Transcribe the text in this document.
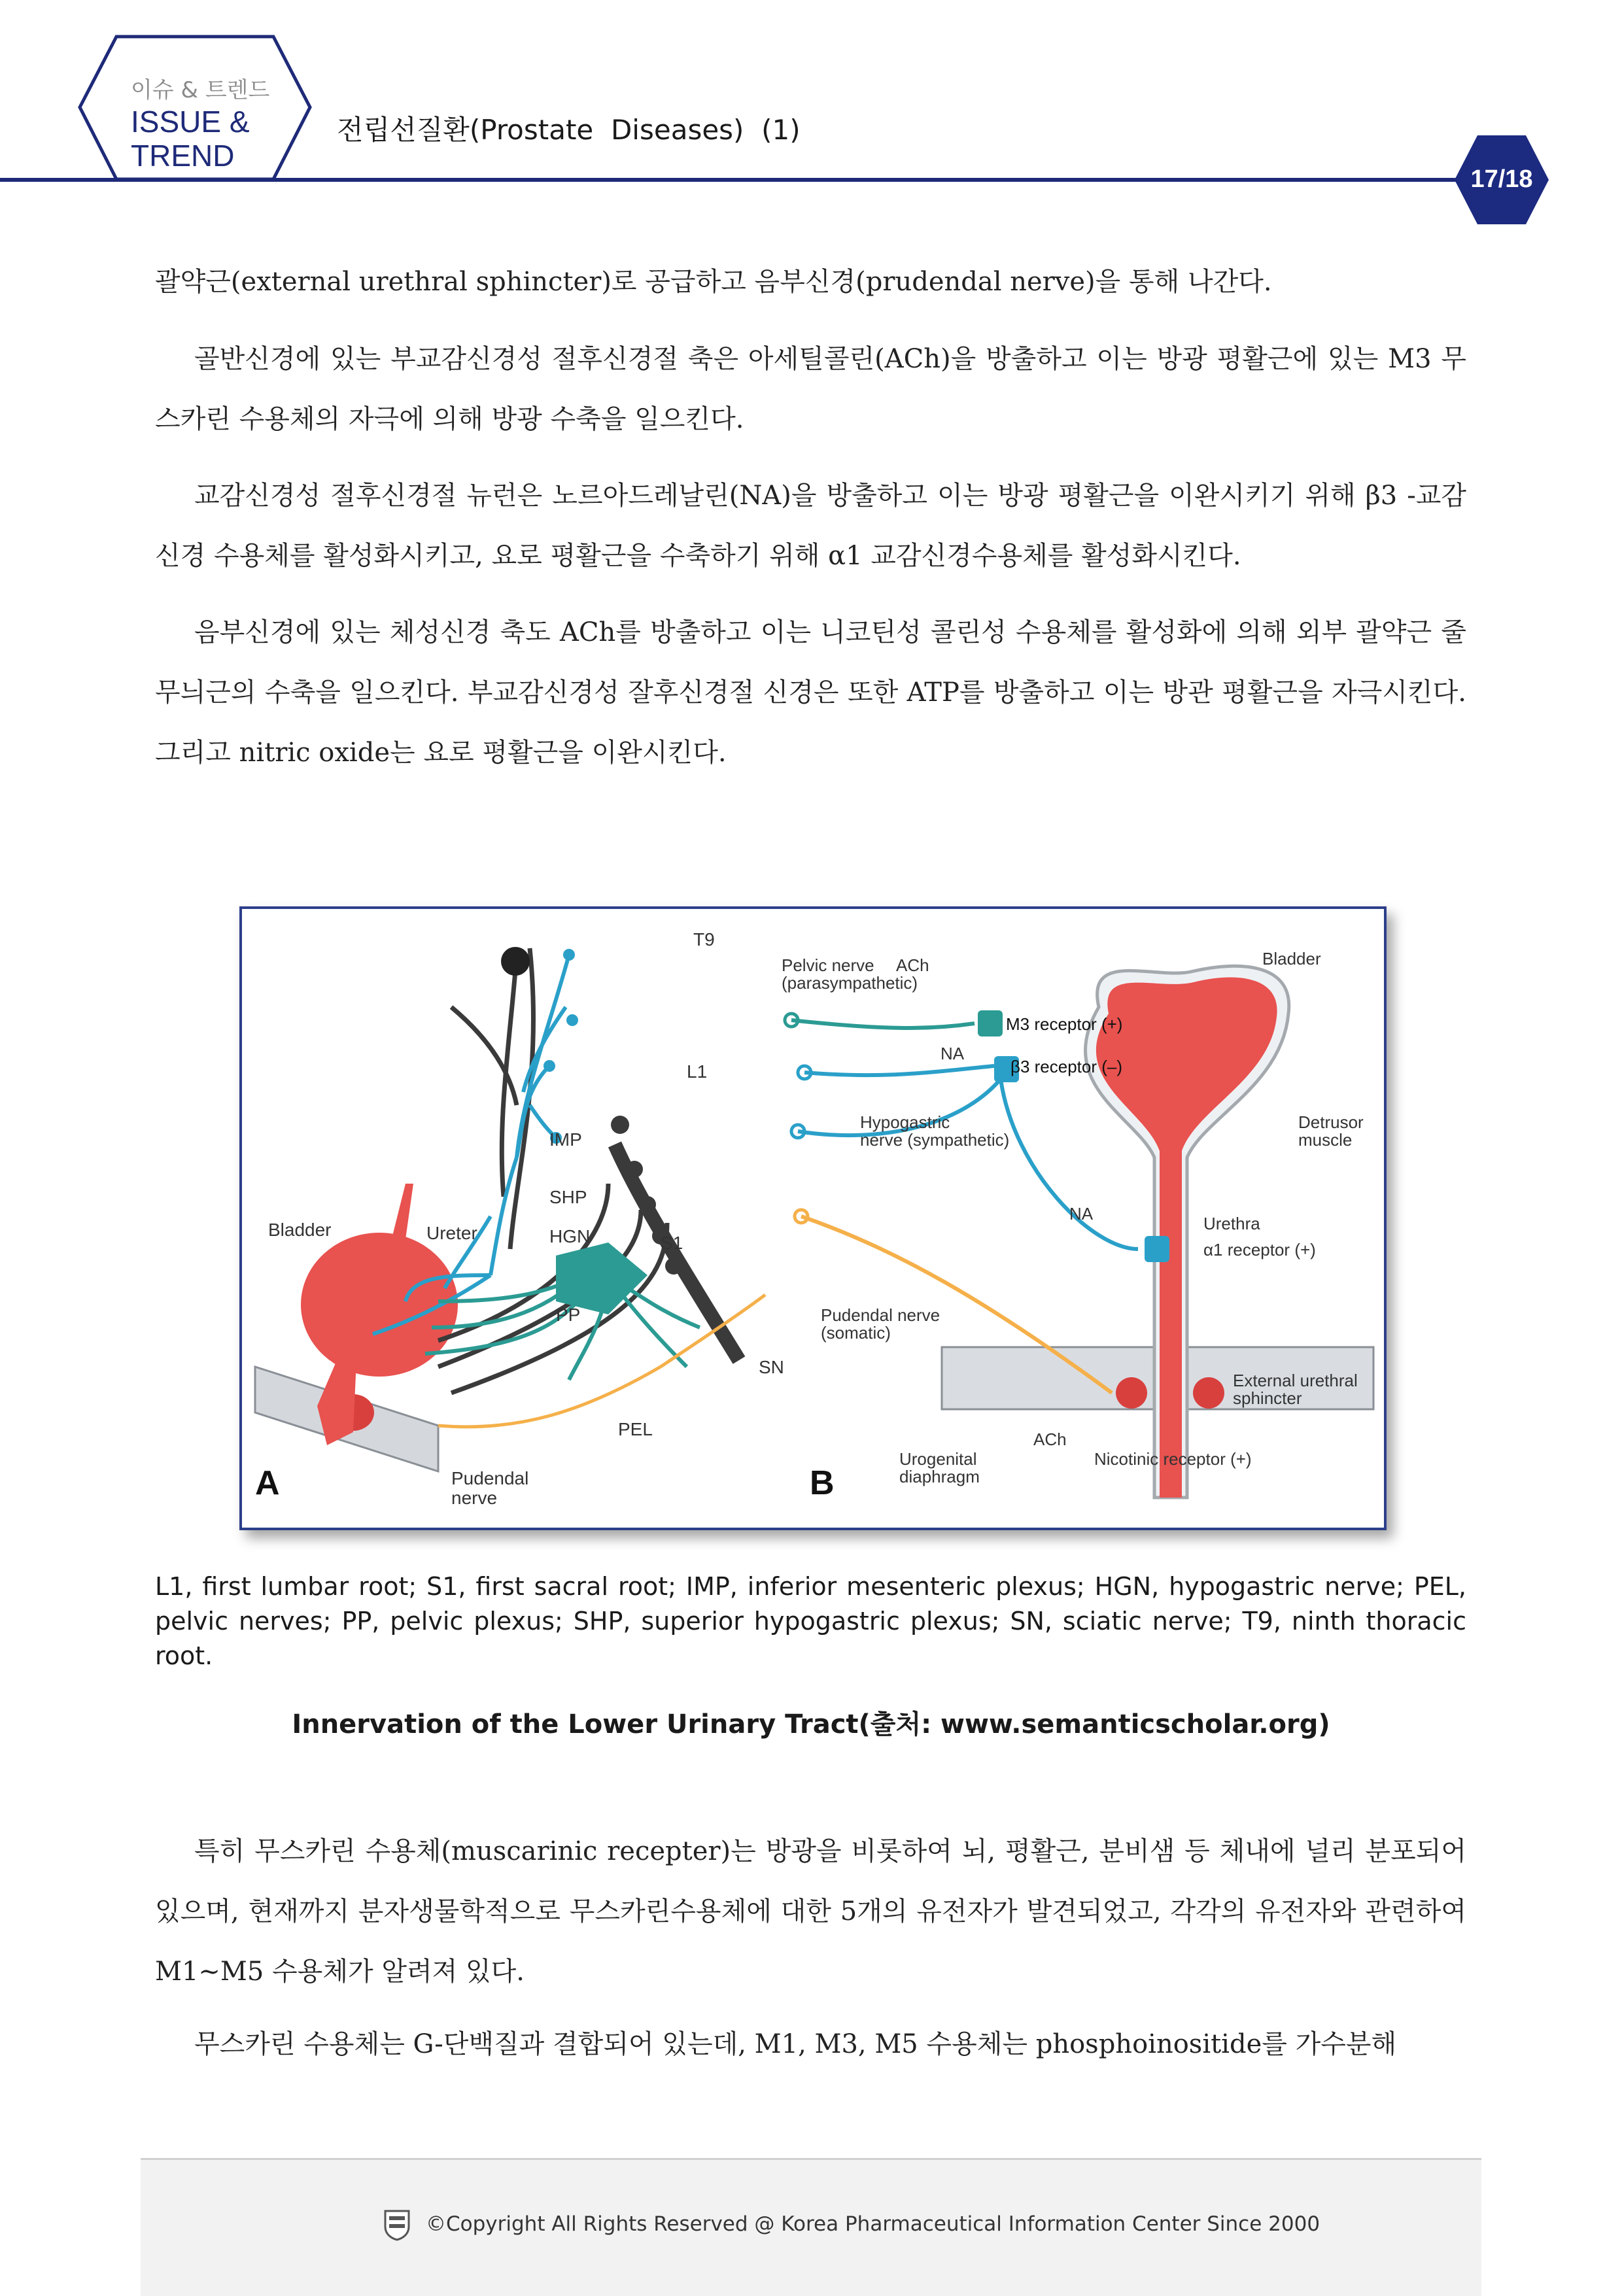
이슈 & 트렌드
ISSUE &
TREND
전립선질환(Prostate  Diseases)  (1)
17/18
괄약근(external urethral sphincter)로 공급하고 음부신경(prudendal nerve)을 통해 나간다.
골반신경에 있는 부교감신경성 절후신경절 축은 아세틸콜린(ACh)을 방출하고 이는 방광 평활근에 있는 M3 무스카린 수용체의 자극에 의해 방광 수축을 일으킨다.
교감신경성 절후신경절 뉴런은 노르아드레날린(NA)을 방출하고 이는 방광 평활근을 이완시키기 위해 β3 -교감신경 수용체를 활성화시키고, 요로 평활근을 수축하기 위해 α1 교감신경수용체를 활성화시킨다.
음부신경에 있는 체성신경 축도 ACh를 방출하고 이는 니코틴성 콜린성 수용체를 활성화에 의해 외부 괄약근 줄무늬근의 수축을 일으킨다. 부교감신경성 잘후신경절 신경은 또한 ATP를 방출하고 이는 방관 평활근을 자극시킨다. 그리고 nitric oxide는 요로 평활근을 이완시킨다.
T9
L1
S1
IMP
SHP
HGN
PP
PEL
SN
Bladder	Ureter
Pudendal
nerve
A
Pelvic nerve
(parasympathetic)
ACh
M3 receptor (+)
NA
β3 receptor (–)
Hypogastric
nerve (sympathetic)
Bladder
Detrusor
muscle
NA	Urethra
α1 receptor (+)
Pudendal nerve
(somatic)
External urethral
sphincter
ACh
Urogenital
diaphragm
Nicotinic receptor (+)
B
L1, first lumbar root; S1, first sacral root; IMP, inferior mesenteric plexus; HGN, hypogastric nerve; PEL, pelvic nerves; PP, pelvic plexus; SHP, superior hypogastric plexus; SN, sciatic nerve; T9, ninth thoracic root.
Innervation of the Lower Urinary Tract(출처: www.semanticscholar.org)
특히 무스카린 수용체(muscarinic recepter)는 방광을 비롯하여 뇌, 평활근, 분비샘 등 체내에 널리 분포되어 있으며, 현재까지 분자생물학적으로 무스카린수용체에 대한 5개의 유전자가 발견되었고, 각각의 유전자와 관련하여 M1∼M5 수용체가 알려져 있다.
무스카린 수용체는 G-단백질과 결합되어 있는데, M1, M3, M5 수용체는 phosphoinositide를 가수분해
©Copyright All Rights Reserved @ Korea Pharmaceutical Information Center Since 2000
